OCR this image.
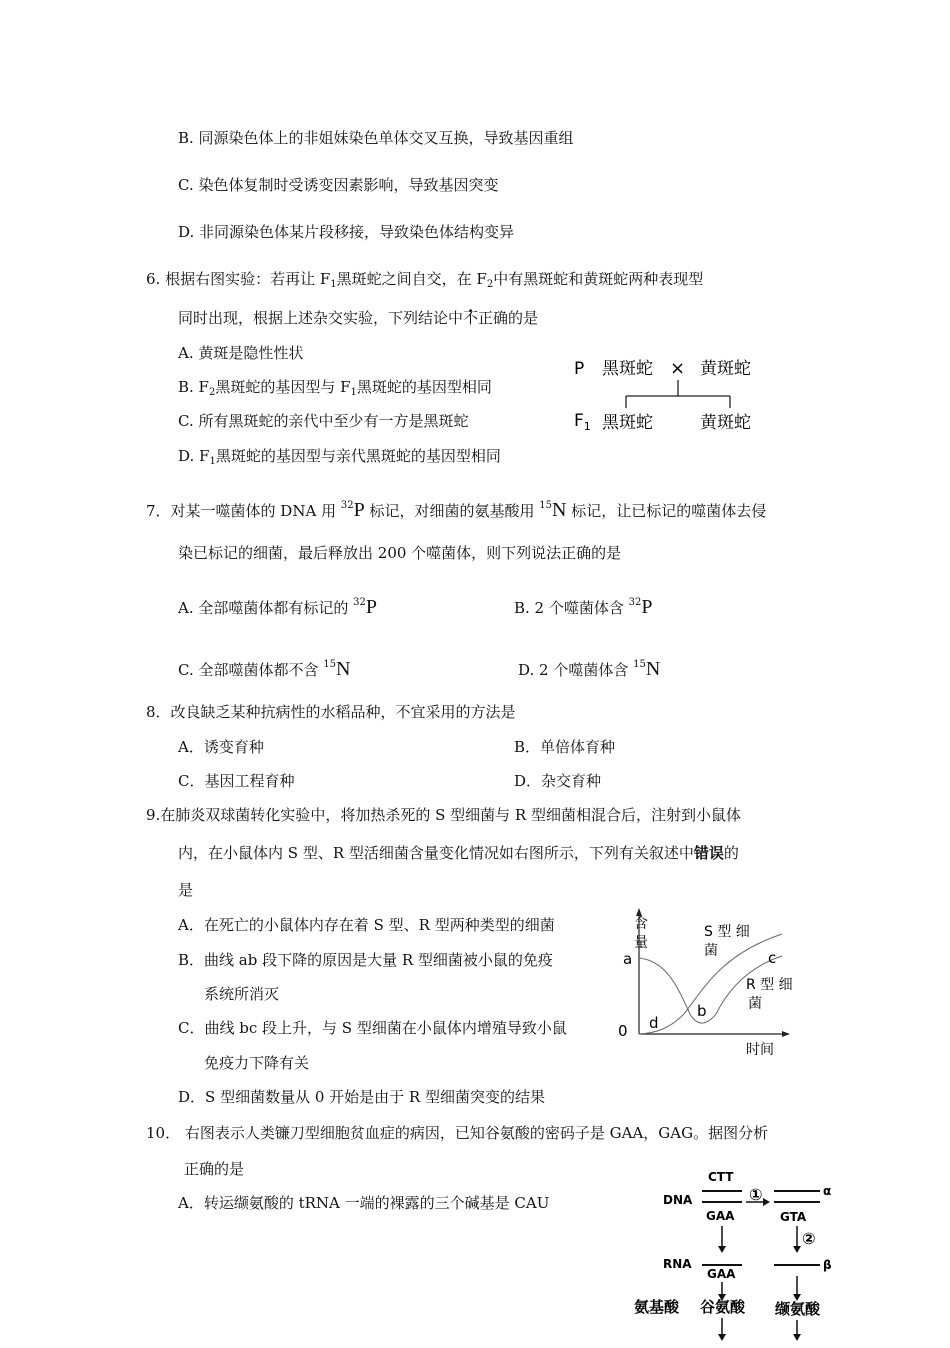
B. 同源染色体上的非姐妹染色单体交叉互换，导致基因重组
C. 染色体复制时受诱变因素影响，导致基因突变
D. 非同源染色体某片段移接，导致染色体结构变异
6. 根据右图实验：若再让 $F_1$黑斑蛇之间自交，在 $F_2$中有黑斑蛇和黄斑蛇两种表现型
同时出现，根据上述杂交实验，下列结论中不正确的是
A. 黄斑是隐性性状
B. $F_2$黑斑蛇的基因型与 $F_1$黑斑蛇的基因型相同
C. 所有黑斑蛇的亲代中至少有一方是黑斑蛇
D. $F_1$黑斑蛇的基因型与亲代黑斑蛇的基因型相同
P 黑斑蛇 × 黄斑蛇
$F_1$ 黑斑蛇	黄斑蛇
7．对某一噬菌体的 DNA 用 $^{32}$P 标记，对细菌的氨基酸用 $^{15}$N 标记，让已标记的噬菌体去侵
染已标记的细菌，最后释放出 200 个噬菌体，则下列说法正确的是
A. 全部噬菌体都有标记的 $^{32}$P	B. 2 个噬菌体含 $^{32}$P
C. 全部噬菌体都不含 $^{15}$N	D. 2 个噬菌体含 $^{15}$N
8．改良缺乏某种抗病性的水稻品种，不宜采用的方法是
A．诱变育种	B．单倍体育种
C．基因工程育种	D．杂交育种
9.在肺炎双球菌转化实验中，将加热杀死的 S 型细菌与 R 型细菌相混合后，注射到小鼠体
内，在小鼠体内 S 型、R 型活细菌含量变化情况如右图所示，下列有关叙述中错误的
是
A．在死亡的小鼠体内存在着 S 型、R 型两种类型的细菌
B．曲线 ab 段下降的原因是大量 R 型细菌被小鼠的免疫
系统所消灭
C．曲线 bc 段上升，与 S 型细菌在小鼠体内增殖导致小鼠
免疫力下降有关
D．S 型细菌数量从 0 开始是由于 R 型细菌突变的结果
含
量
时间
0
a
d
b
c
S 型 细
菌
R 型 细
菌
10． 右图表示人类镰刀型细胞贫血症的病因，已知谷氨酸的密码子是 GAA，GAG。据图分析
正确的是
A．转运缬氨酸的 tRNA 一端的裸露的三个碱基是 CAU	DNA
CTT
GAA
①	α
GTA
②
RNA
GAA
β
氨基酸 谷氨酸 缬氨酸
